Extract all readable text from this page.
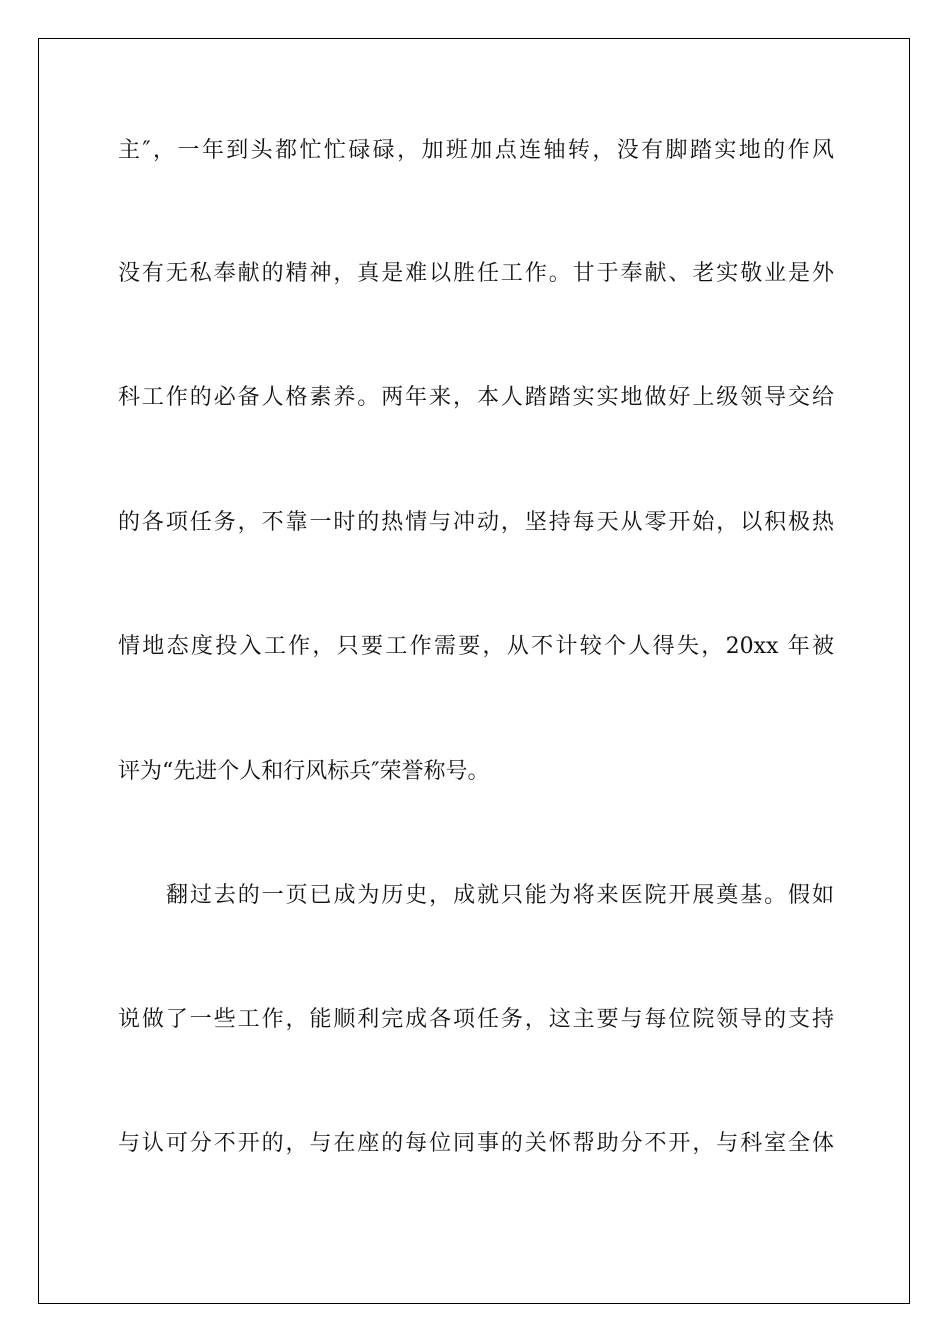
主″，一年到头都忙忙碌碌，加班加点连轴转，没有脚踏实地的作风
没有无私奉献的精神，真是难以胜任工作。甘于奉献、老实敬业是外
科工作的必备人格素养。两年来，本人踏踏实实地做好上级领导交给
的各项任务，不靠一时的热情与冲动，坚持每天从零开始，以积极热
情地态度投入工作，只要工作需要，从不计较个人得失，20xx 年被
评为“先进个人和行风标兵″荣誉称号。
翻过去的一页已成为历史，成就只能为将来医院开展奠基。假如
说做了一些工作，能顺利完成各项任务，这主要与每位院领导的支持
与认可分不开的，与在座的每位同事的关怀帮助分不开，与科室全体
